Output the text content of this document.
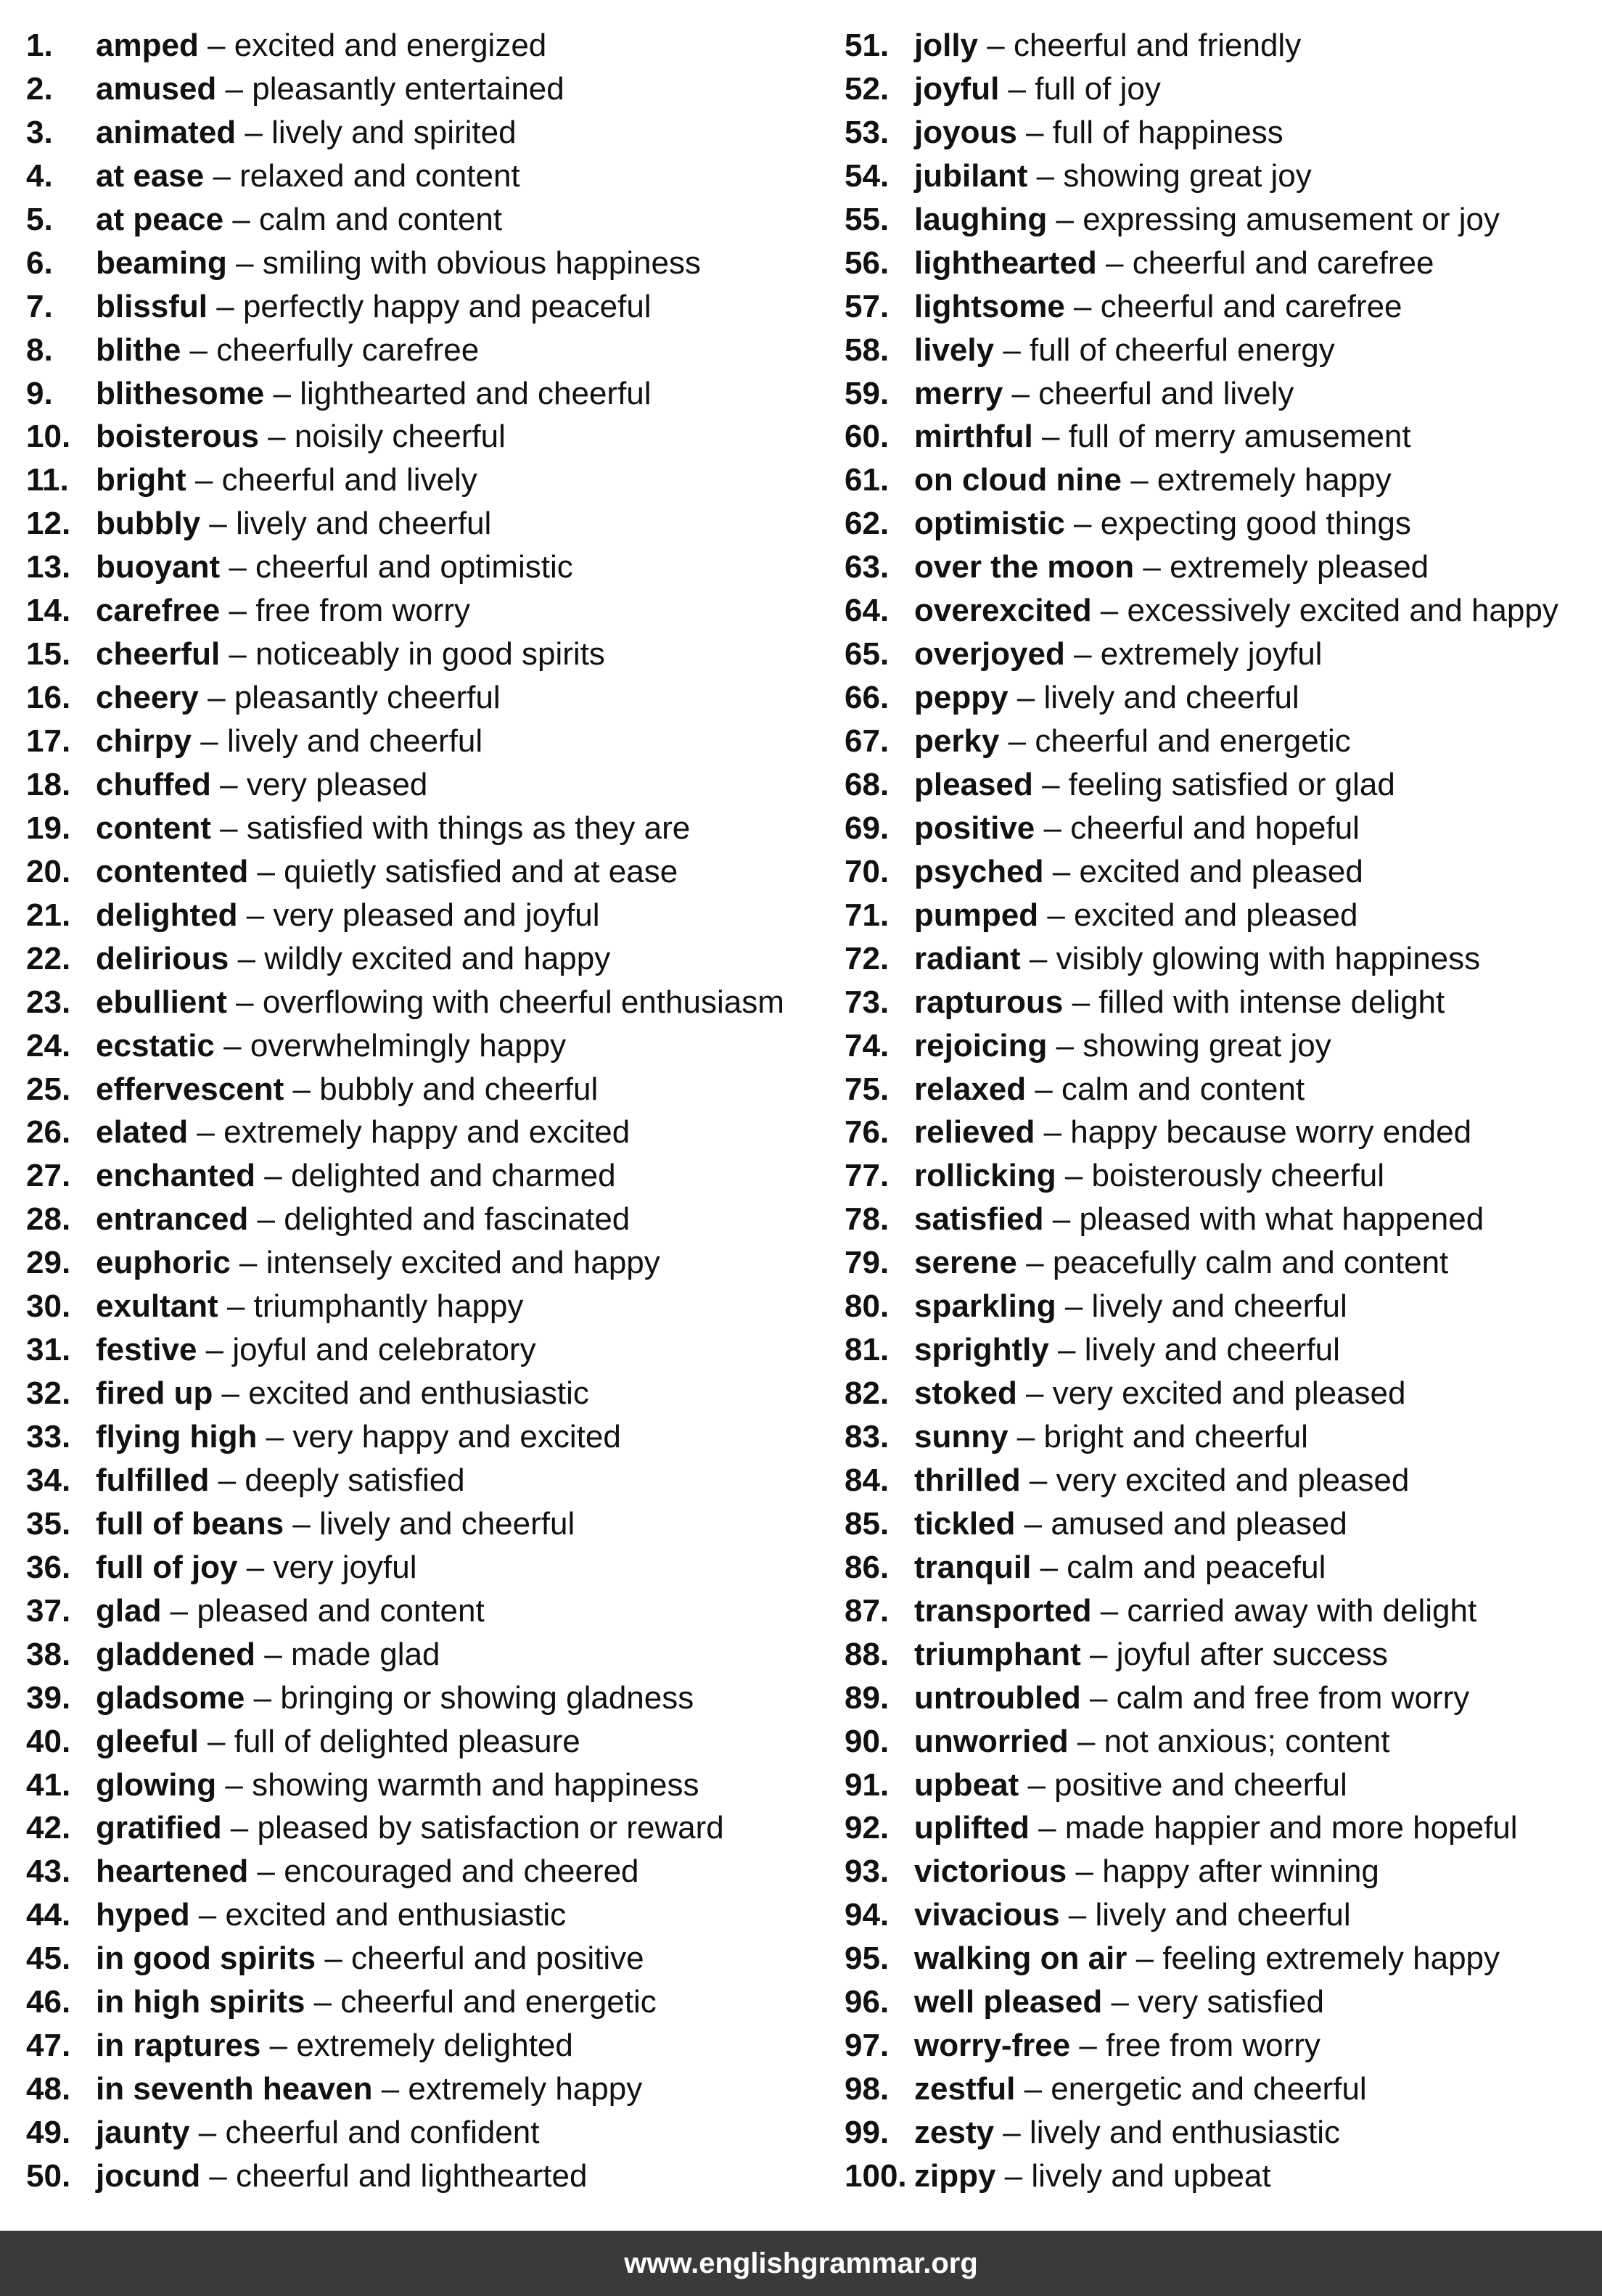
1.	amped – excited and energized
2.	amused – pleasantly entertained
3.	animated – lively and spirited
4.	at ease – relaxed and content
5.	at peace – calm and content
6.	beaming – smiling with obvious happiness
7.	blissful – perfectly happy and peaceful
8.	blithe – cheerfully carefree
9.	blithesome – lighthearted and cheerful
10. boisterous – noisily cheerful
11. bright – cheerful and lively
12. bubbly – lively and cheerful
13. buoyant – cheerful and optimistic
14. carefree – free from worry
15. cheerful – noticeably in good spirits
16. cheery – pleasantly cheerful
17. chirpy – lively and cheerful
18. chuffed – very pleased
19. content – satisfied with things as they are
20. contented – quietly satisfied and at ease
21. delighted – very pleased and joyful
22. delirious – wildly excited and happy
23. ebullient – overflowing with cheerful enthusiasm
24. ecstatic – overwhelmingly happy
25. effervescent – bubbly and cheerful
26. elated – extremely happy and excited
27. enchanted – delighted and charmed
28. entranced – delighted and fascinated
29. euphoric – intensely excited and happy
30. exultant – triumphantly happy
31. festive – joyful and celebratory
32. fired up – excited and enthusiastic
33. flying high – very happy and excited
34. fulfilled – deeply satisfied
35. full of beans – lively and cheerful
36. full of joy – very joyful
37. glad – pleased and content
38. gladdened – made glad
39. gladsome – bringing or showing gladness
40. gleeful – full of delighted pleasure
41. glowing – showing warmth and happiness
42. gratified – pleased by satisfaction or reward
43. heartened – encouraged and cheered
44. hyped – excited and enthusiastic
45. in good spirits – cheerful and positive
46. in high spirits – cheerful and energetic
47. in raptures – extremely delighted
48. in seventh heaven – extremely happy
49. jaunty – cheerful and confident
50. jocund – cheerful and lighthearted
51. jolly – cheerful and friendly
52. joyful – full of joy
53. joyous – full of happiness
54. jubilant – showing great joy
55. laughing – expressing amusement or joy
56. lighthearted – cheerful and carefree
57. lightsome – cheerful and carefree
58. lively – full of cheerful energy
59. merry – cheerful and lively
60. mirthful – full of merry amusement
61. on cloud nine – extremely happy
62. optimistic – expecting good things
63. over the moon – extremely pleased
64. overexcited – excessively excited and happy
65. overjoyed – extremely joyful
66. peppy – lively and cheerful
67. perky – cheerful and energetic
68. pleased – feeling satisfied or glad
69. positive – cheerful and hopeful
70. psyched – excited and pleased
71. pumped – excited and pleased
72. radiant – visibly glowing with happiness
73. rapturous – filled with intense delight
74. rejoicing – showing great joy
75. relaxed – calm and content
76. relieved – happy because worry ended
77. rollicking – boisterously cheerful
78. satisfied – pleased with what happened
79. serene – peacefully calm and content
80. sparkling – lively and cheerful
81. sprightly – lively and cheerful
82. stoked – very excited and pleased
83. sunny – bright and cheerful
84. thrilled – very excited and pleased
85. tickled – amused and pleased
86. tranquil – calm and peaceful
87. transported – carried away with delight
88. triumphant – joyful after success
89. untroubled – calm and free from worry
90. unworried – not anxious; content
91. upbeat – positive and cheerful
92. uplifted – made happier and more hopeful
93. victorious – happy after winning
94. vivacious – lively and cheerful
95. walking on air – feeling extremely happy
96. well pleased – very satisfied
97. worry-free – free from worry
98. zestful – energetic and cheerful
99. zesty – lively and enthusiastic
100. zippy – lively and upbeat
www.englishgrammar.org
